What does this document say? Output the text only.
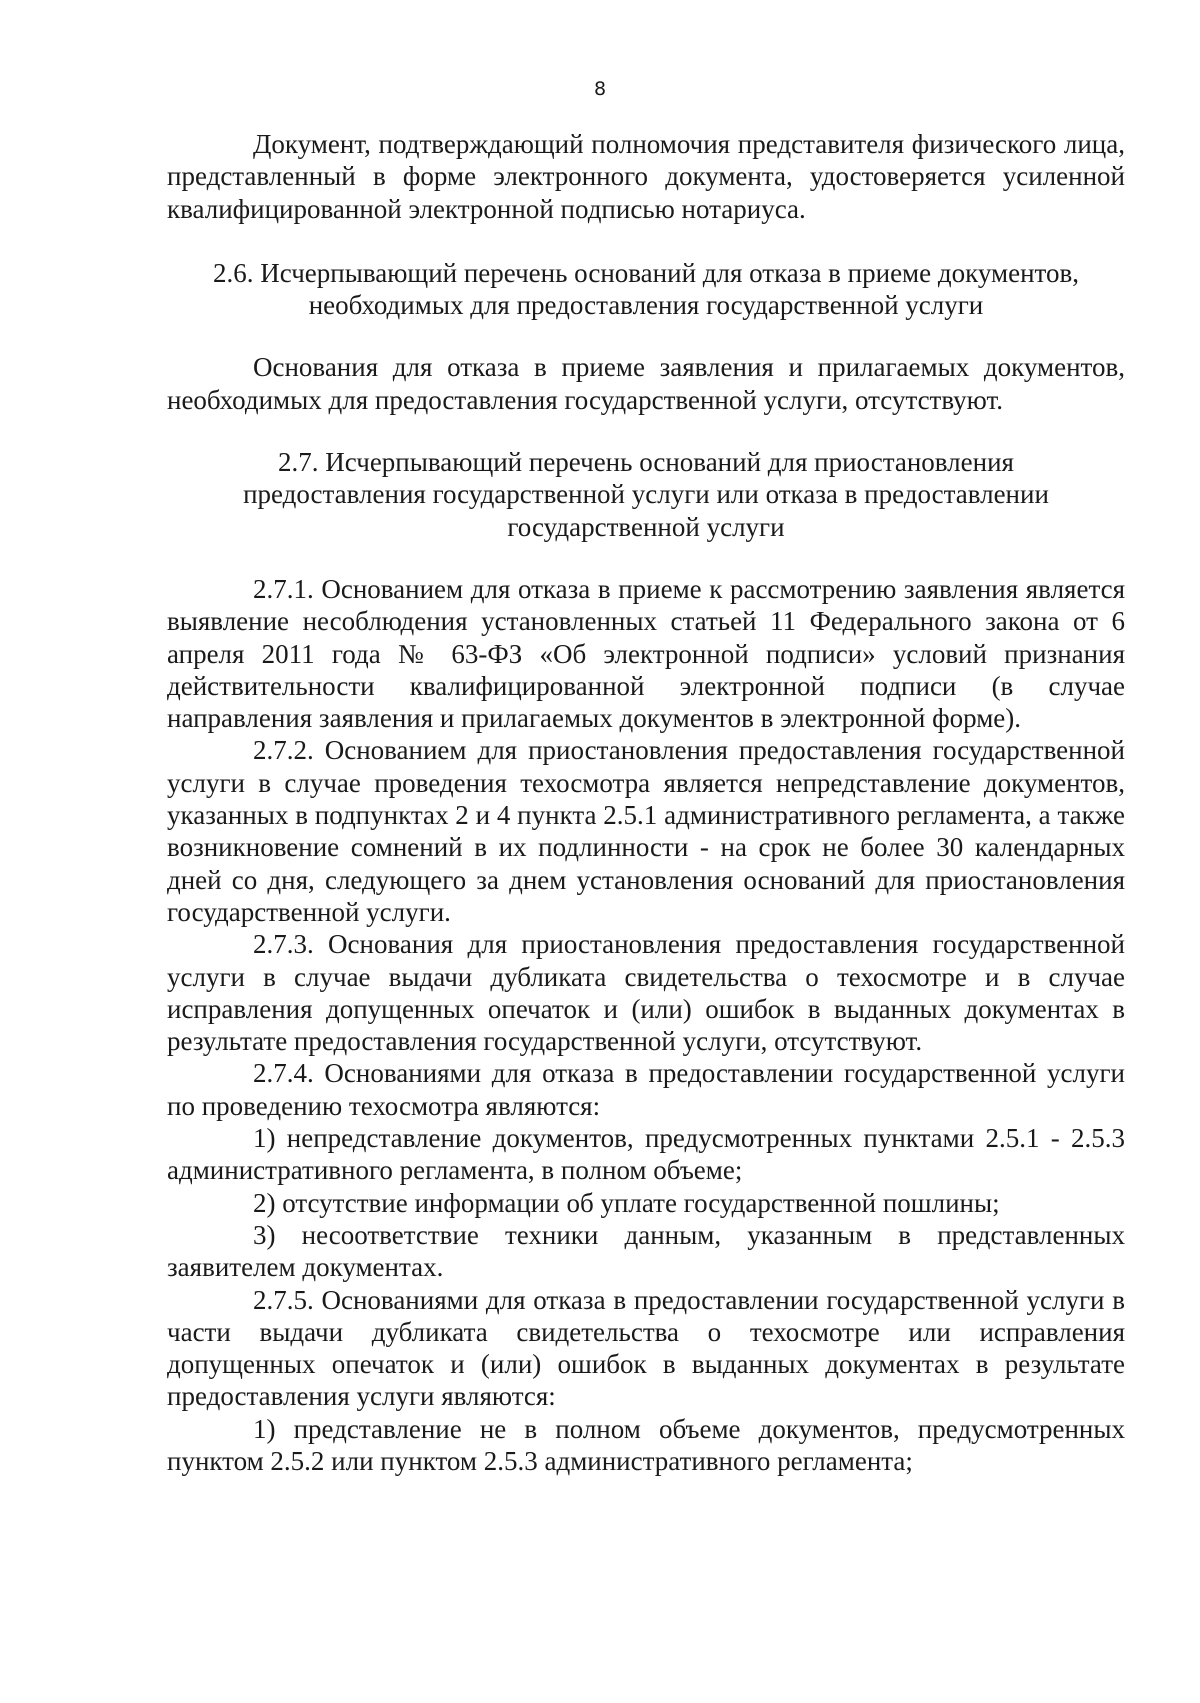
8

Документ, подтверждающий полномочия представителя физического лица, представленный в форме электронного документа, удостоверяется усиленной квалифицированной электронной подписью нотариуса.

2.6. Исчерпывающий перечень оснований для отказа в приеме документов, необходимых для предоставления государственной услуги

Основания для отказа в приеме заявления и прилагаемых документов, необходимых для предоставления государственной услуги, отсутствуют.

2.7. Исчерпывающий перечень оснований для приостановления предоставления государственной услуги или отказа в предоставлении государственной услуги

2.7.1. Основанием для отказа в приеме к рассмотрению заявления является выявление несоблюдения установленных статьей 11 Федерального закона от 6 апреля 2011 года № 63-ФЗ «Об электронной подписи» условий признания действительности квалифицированной электронной подписи (в случае направления заявления и прилагаемых документов в электронной форме).

2.7.2. Основанием для приостановления предоставления государственной услуги в случае проведения техосмотра является непредставление документов, указанных в подпунктах 2 и 4 пункта 2.5.1 административного регламента, а также возникновение сомнений в их подлинности - на срок не более 30 календарных дней со дня, следующего за днем установления оснований для приостановления государственной услуги.

2.7.3. Основания для приостановления предоставления государственной услуги в случае выдачи дубликата свидетельства о техосмотре и в случае исправления допущенных опечаток и (или) ошибок в выданных документах в результате предоставления государственной услуги, отсутствуют.

2.7.4. Основаниями для отказа в предоставлении государственной услуги по проведению техосмотра являются:

1) непредставление документов, предусмотренных пунктами 2.5.1 - 2.5.3 административного регламента, в полном объеме;

2) отсутствие информации об уплате государственной пошлины;

3) несоответствие техники данным, указанным в представленных заявителем документах.

2.7.5. Основаниями для отказа в предоставлении государственной услуги в части выдачи дубликата свидетельства о техосмотре или исправления допущенных опечаток и (или) ошибок в выданных документах в результате предоставления услуги являются:

1) представление не в полном объеме документов, предусмотренных пунктом 2.5.2 или пунктом 2.5.3 административного регламента;
